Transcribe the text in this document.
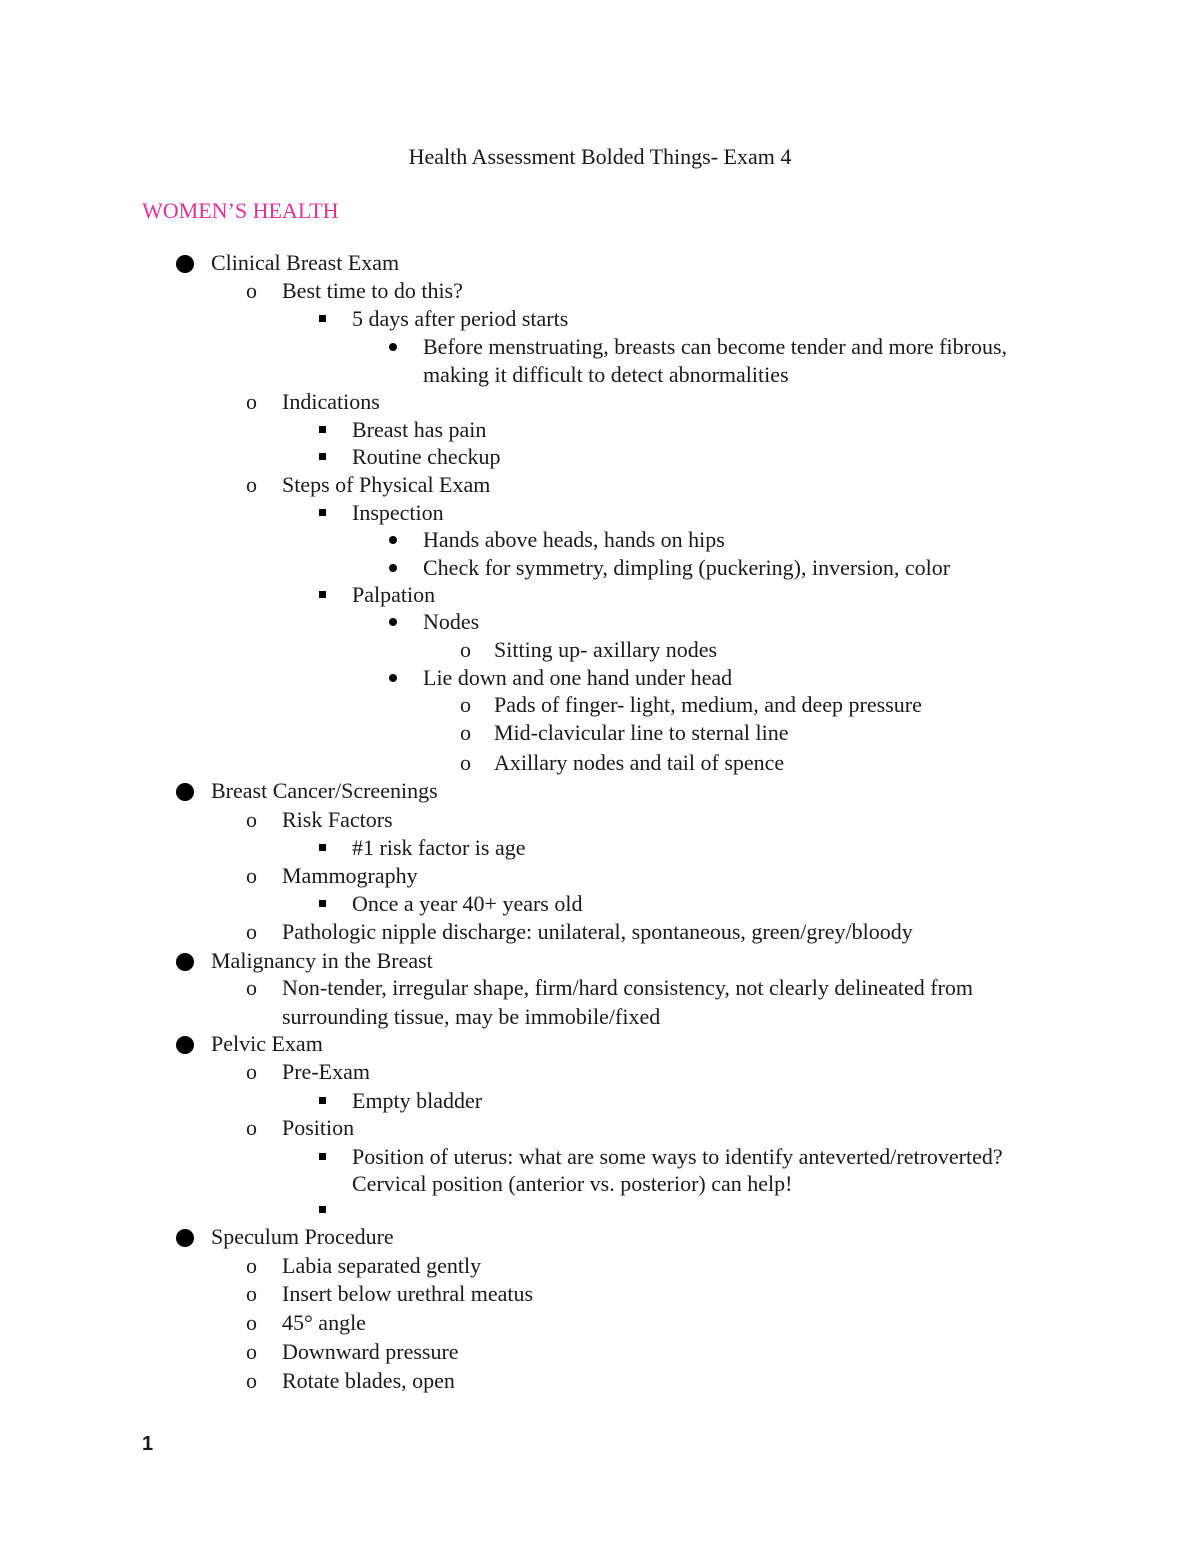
Health Assessment Bolded Things- Exam 4
WOMEN’S HEALTH
Clinical Breast Exam
o Best time to do this?
5 days after period starts
Before menstruating, breasts can become tender and more fibrous,
making it difficult to detect abnormalities
o Indications
Breast has pain
Routine checkup
o Steps of Physical Exam
Inspection
Hands above heads, hands on hips
Check for symmetry, dimpling (puckering), inversion, color
Palpation
Nodes
o Sitting up- axillary nodes
Lie down and one hand under head
o Pads of finger- light, medium, and deep pressure
o Mid-clavicular line to sternal line
o Axillary nodes and tail of spence
Breast Cancer/Screenings
o Risk Factors
#1 risk factor is age
o Mammography
Once a year 40+ years old
o Pathologic nipple discharge: unilateral, spontaneous, green/grey/bloody
Malignancy in the Breast
o Non-tender, irregular shape, firm/hard consistency, not clearly delineated from
surrounding tissue, may be immobile/fixed
Pelvic Exam
o Pre-Exam
Empty bladder
o Position
Position of uterus: what are some ways to identify anteverted/retroverted?
Cervical position (anterior vs. posterior) can help!
Speculum Procedure
o Labia separated gently
o Insert below urethral meatus
o 45° angle
o Downward pressure
o Rotate blades, open
1
